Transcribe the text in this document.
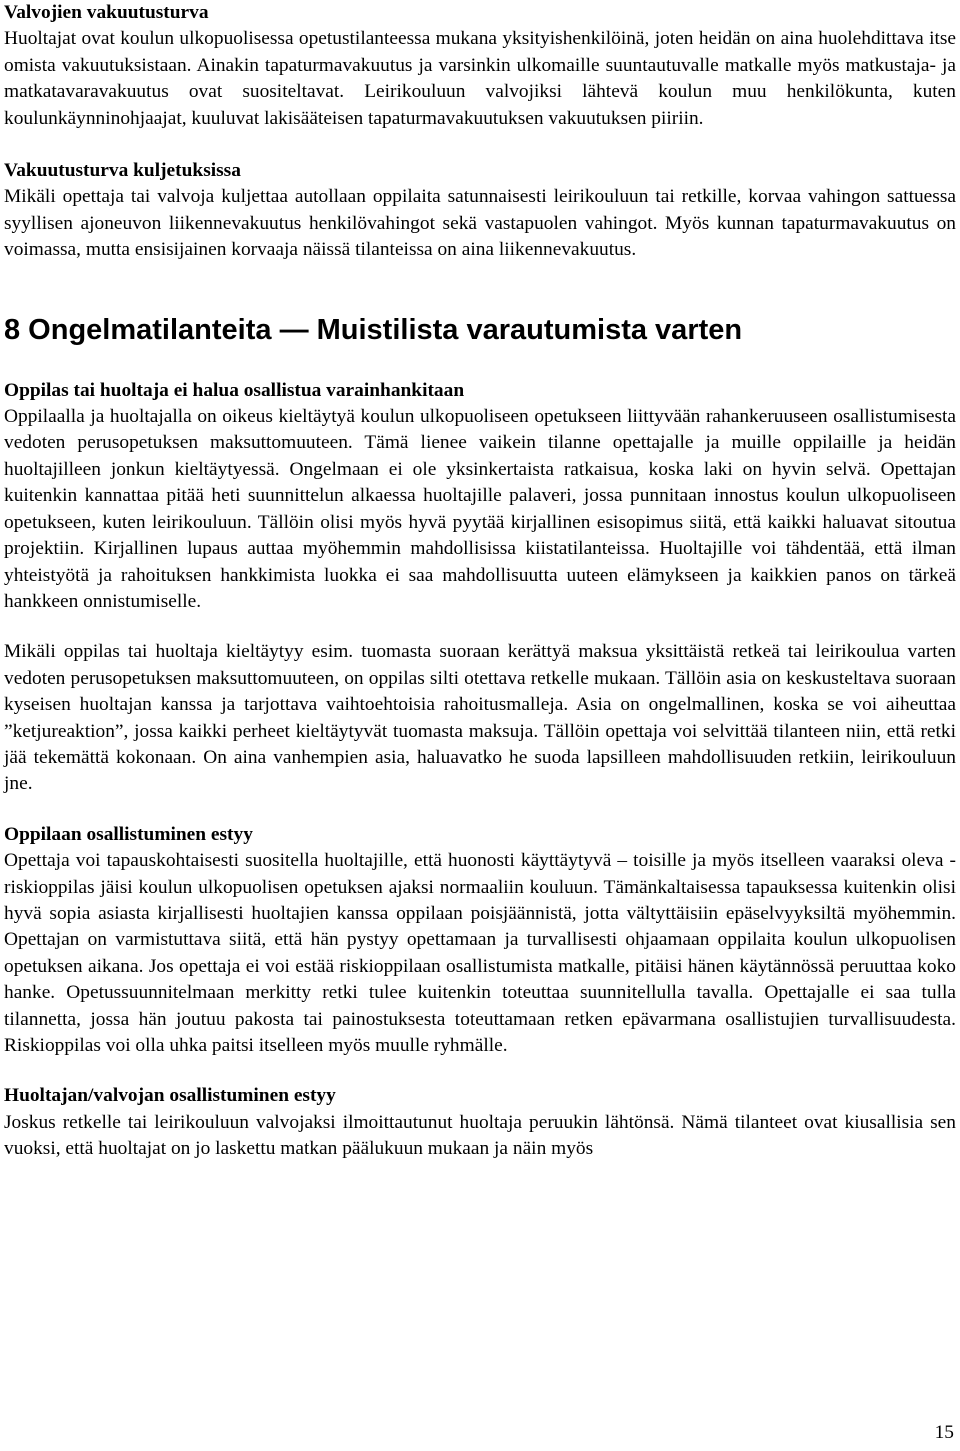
Valvojien vakuutusturva

Huoltajat ovat koulun ulkopuolisessa opetustilanteessa mukana yksityishenkilöinä, joten heidän on aina huolehdittava itse omista vakuutuksistaan. Ainakin tapaturmavakuutus ja varsinkin ulkomaille suuntautuvalle matkalle myös matkustaja- ja matkatavaravakuutus ovat suositeltavat. Leirikouluun valvojiksi lähtevä koulun muu henkilökunta, kuten koulunkäynninohjaajat, kuuluvat lakisääteisen tapaturmavakuutuksen vakuutuksen piiriin.

Vakuutusturva kuljetuksissa

Mikäli opettaja tai valvoja kuljettaa autollaan oppilaita satunnaisesti leirikouluun tai retkille, korvaa vahingon sattuessa syyllisen ajoneuvon liikennevakuutus henkilövahingot sekä vastapuolen vahingot. Myös kunnan tapaturmavakuutus on voimassa, mutta ensisijainen korvaaja näissä tilanteissa on aina liikennevakuutus.

8 Ongelmatilanteita — Muistilista varautumista varten
Oppilas tai huoltaja ei halua osallistua varainhankitaan

Oppilaalla ja huoltajalla on oikeus kieltäytyä koulun ulkopuoliseen opetukseen liittyvään rahankeruuseen osallistumisesta vedoten perusopetuksen maksuttomuuteen. Tämä lienee vaikein tilanne opettajalle ja muille oppilaille ja heidän huoltajilleen jonkun kieltäytyessä. Ongelmaan ei ole yksinkertaista ratkaisua, koska laki on hyvin selvä. Opettajan kuitenkin kannattaa pitää heti suunnittelun alkaessa huoltajille palaveri, jossa punnitaan innostus koulun ulkopuoliseen opetukseen, kuten leirikouluun. Tällöin olisi myös hyvä pyytää kirjallinen esisopimus siitä, että kaikki haluavat sitoutua projektiin. Kirjallinen lupaus auttaa myöhemmin mahdollisissa kiistatilanteissa. Huoltajille voi tähdentää, että ilman yhteistyötä ja rahoituksen hankkimista luokka ei saa mahdollisuutta uuteen elämykseen ja kaikkien panos on tärkeä hankkeen onnistumiselle.

Mikäli oppilas tai huoltaja kieltäytyy esim. tuomasta suoraan kerättyä maksua yksittäistä retkeä tai leirikoulua varten vedoten perusopetuksen maksuttomuuteen, on oppilas silti otettava retkelle mukaan. Tällöin asia on keskusteltava suoraan kyseisen huoltajan kanssa ja tarjottava vaihtoehtoisia rahoitusmalleja. Asia on ongelmallinen, koska se voi aiheuttaa ”ketjureaktion”, jossa kaikki perheet kieltäytyvät tuomasta maksuja. Tällöin opettaja voi selvittää tilanteen niin, että retki jää tekemättä kokonaan. On aina vanhempien asia, haluavatko he suoda lapsilleen mahdollisuuden retkiin, leirikouluun jne.

Oppilaan osallistuminen estyy

Opettaja voi tapauskohtaisesti suositella huoltajille, että huonosti käyttäytyvä – toisille ja myös itselleen vaaraksi oleva - riskioppilas jäisi koulun ulkopuolisen opetuksen ajaksi normaaliin kouluun. Tämänkaltaisessa tapauksessa kuitenkin olisi hyvä sopia asiasta kirjallisesti huoltajien kanssa oppilaan poisjäännistä, jotta vältyttäisiin epäselvyyksiltä myöhemmin. Opettajan on varmistuttava siitä, että hän pystyy opettamaan ja turvallisesti ohjaamaan oppilaita koulun ulkopuolisen opetuksen aikana. Jos opettaja ei voi estää riskioppilaan osallistumista matkalle, pitäisi hänen käytännössä peruuttaa koko hanke. Opetussuunnitelmaan merkitty retki tulee kuitenkin toteuttaa suunnitellulla tavalla. Opettajalle ei saa tulla tilannetta, jossa hän joutuu pakosta tai painostuksesta toteuttamaan retken epävarmana osallistujien turvallisuudesta. Riskioppilas voi olla uhka paitsi itselleen myös muulle ryhmälle.

Huoltajan/valvojan osallistuminen estyy

Joskus retkelle tai leirikouluun valvojaksi ilmoittautunut huoltaja peruukin lähtönsä. Nämä tilanteet ovat kiusallisia sen vuoksi, että huoltajat on jo laskettu matkan päälukuun mukaan ja näin myös

15
